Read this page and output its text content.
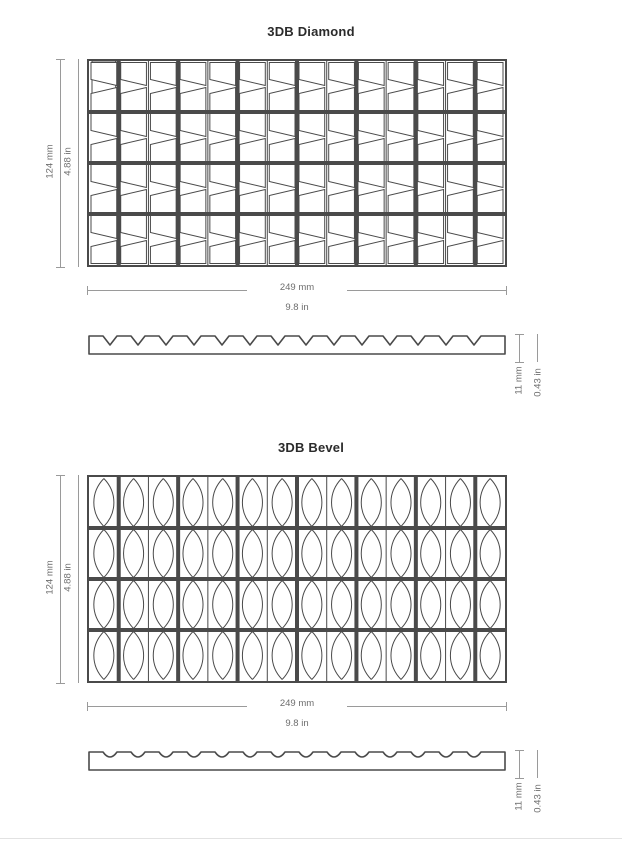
3DB Diamond
124 mm 4.88 in
249 mm
9.8 in
11 mm 0.43 in
3DB Bevel
124 mm 4.88 in
249 mm
9.8 in
11 mm 0.43 in
